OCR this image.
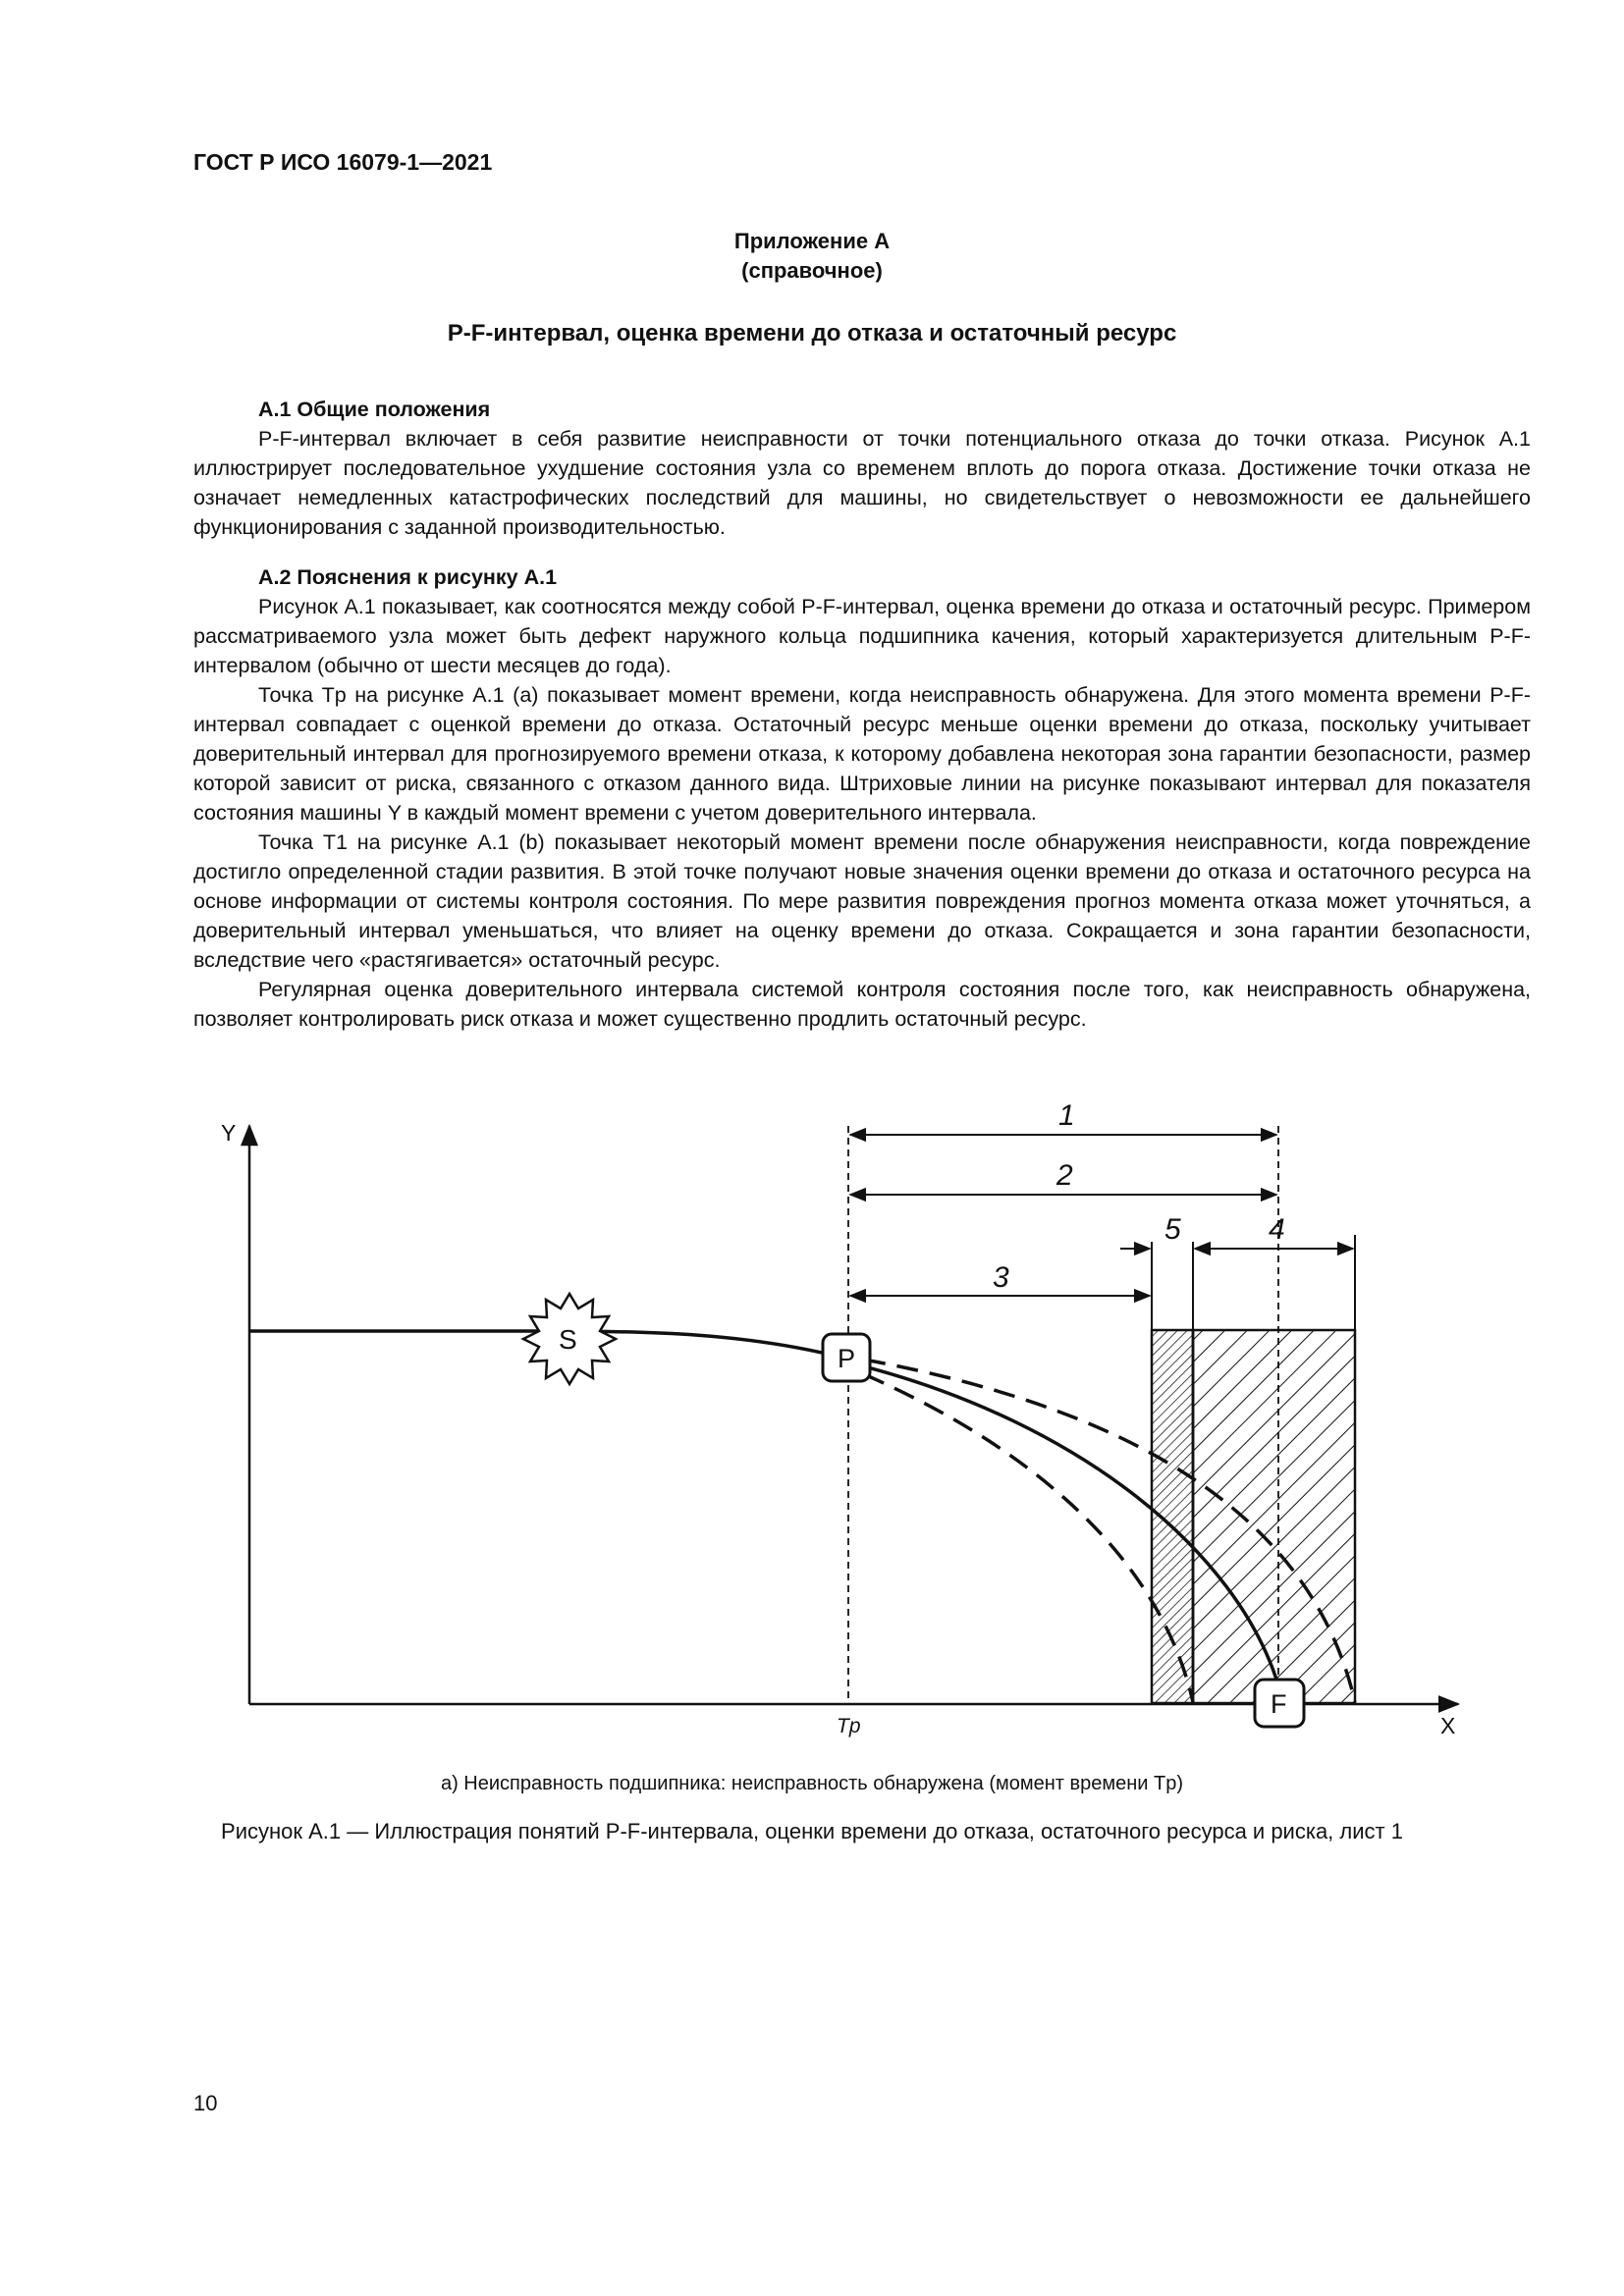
ГОСТ Р ИСО 16079-1—2021
Приложение А
(справочное)
P-F-интервал, оценка времени до отказа и остаточный ресурс
А.1 Общие положения

P-F-интервал включает в себя развитие неисправности от точки потенциального отказа до точки отказа. Рисунок А.1 иллюстрирует последовательное ухудшение состояния узла со временем вплоть до порога отказа. Достижение точки отказа не означает немедленных катастрофических последствий для машины, но свидетельствует о невозможности ее дальнейшего функционирования с заданной производительностью.

А.2 Пояснения к рисунку А.1

Рисунок А.1 показывает, как соотносятся между собой P-F-интервал, оценка времени до отказа и остаточный ресурс. Примером рассматриваемого узла может быть дефект наружного кольца подшипника качения, который характеризуется длительным P-F-интервалом (обычно от шести месяцев до года).

Точка Tp на рисунке А.1 (a) показывает момент времени, когда неисправность обнаружена. Для этого момента времени P-F-интервал совпадает с оценкой времени до отказа. Остаточный ресурс меньше оценки времени до отказа, поскольку учитывает доверительный интервал для прогнозируемого времени отказа, к которому добавлена некоторая зона гарантии безопасности, размер которой зависит от риска, связанного с отказом данного вида. Штриховые линии на рисунке показывают интервал для показателя состояния машины Y в каждый момент времени с учетом доверительного интервала.

Точка T1 на рисунке А.1 (b) показывает некоторый момент времени после обнаружения неисправности, когда повреждение достигло определенной стадии развития. В этой точке получают новые значения оценки времени до отказа и остаточного ресурса на основе информации от системы контроля состояния. По мере развития повреждения прогноз момента отказа может уточняться, а доверительный интервал уменьшаться, что влияет на оценку времени до отказа. Сокращается и зона гарантии безопасности, вследствие чего «растягивается» остаточный ресурс.

Регулярная оценка доверительного интервала системой контроля состояния после того, как неисправность обнаружена, позволяет контролировать риск отказа и может существенно продлить остаточный ресурс.

Y
X
Tp
1
2
3
5	4
S
P
F
а) Неисправность подшипника: неисправность обнаружена (момент времени Tp)
Рисунок А.1 — Иллюстрация понятий P-F-интервала, оценки времени до отказа, остаточного ресурса и риска, лист 1
10
